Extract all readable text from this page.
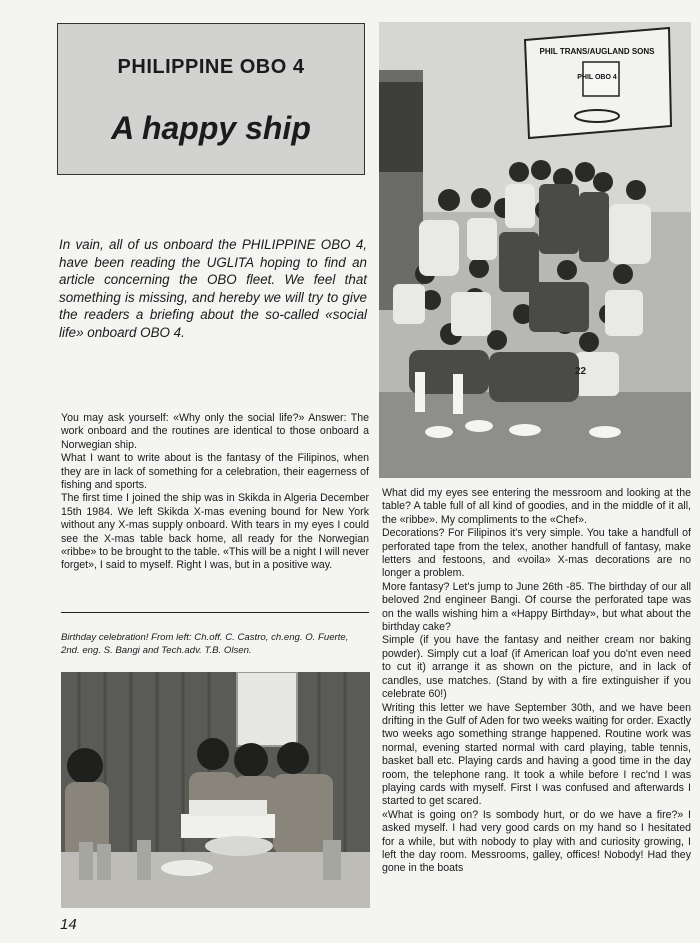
PHILIPPINE OBO 4
A happy ship

In vain, all of us onboard the PHILIPPINE OBO 4, have been reading the UGLITA hoping to find an article concerning the OBO fleet. We feel that something is missing, and hereby we will try to give the readers a briefing about the so-called «social life» onboard OBO 4.

You may ask yourself: «Why only the social life?» Answer: The work onboard and the routines are identical to those onboard a Norwegian ship.

What I want to write about is the fantasy of the Filipinos, when they are in lack of something for a celebration, their eagerness of fishing and sports.

The first time I joined the ship was in Skikda in Algeria December 15th 1984. We left Skikda X-mas evening bound for New York without any X-mas supply onboard. With tears in my eyes I could see the X-mas table back home, all ready for the Norwegian «ribbe» to be brought to the table. «This will be a night I will never forget», I said to myself. Right I was, but in a positive way.

Birthday celebration! From left: Ch.off. C. Castro, ch.eng. O. Fuerte, 2nd. eng. S. Bangi and Tech.adv. T.B. Olsen.
PHIL OBO 4
PHIL TRANS/AUGLAND SONS
22

What did my eyes see entering the messroom and looking at the table? A table full of all kind of goodies, and in the middle of it all, the «ribbe». My compliments to the «Chef».

Decorations? For Filipinos it's very simple. You take a handfull of perforated tape from the telex, another handfull of fantasy, make letters and festoons, and «voila» X-mas decorations are no longer a problem.

More fantasy? Let's jump to June 26th -85. The birthday of our all beloved 2nd engineer Bangi. Of course the perforated tape was on the walls wishing him a «Happy Birthday», but what about the birthday cake?

Simple (if you have the fantasy and neither cream nor baking powder). Simply cut a loaf (if American loaf you do'nt even need to cut it) arrange it as shown on the picture, and in lack of candles, use matches. (Stand by with a fire extinguisher if you celebrate 60!)

Writing this letter we have September 30th, and we have been drifting in the Gulf of Aden for two weeks waiting for order. Exactly two weeks ago something strange happened. Routine work was normal, evening started normal with card playing, table tennis, basket ball etc. Playing cards and having a good time in the day room, the telephone rang. It took a while before I rec'nd I was playing cards with myself. First I was confused and afterwards I started to get scared.

«What is going on? Is sombody hurt, or do we have a fire?» I asked myself. I had very good cards on my hand so I hesitated for a while, but with nobody to play with and curiosity growing, I left the day room. Messrooms, galley, offices! Nobody! Had they gone in the boats

14
